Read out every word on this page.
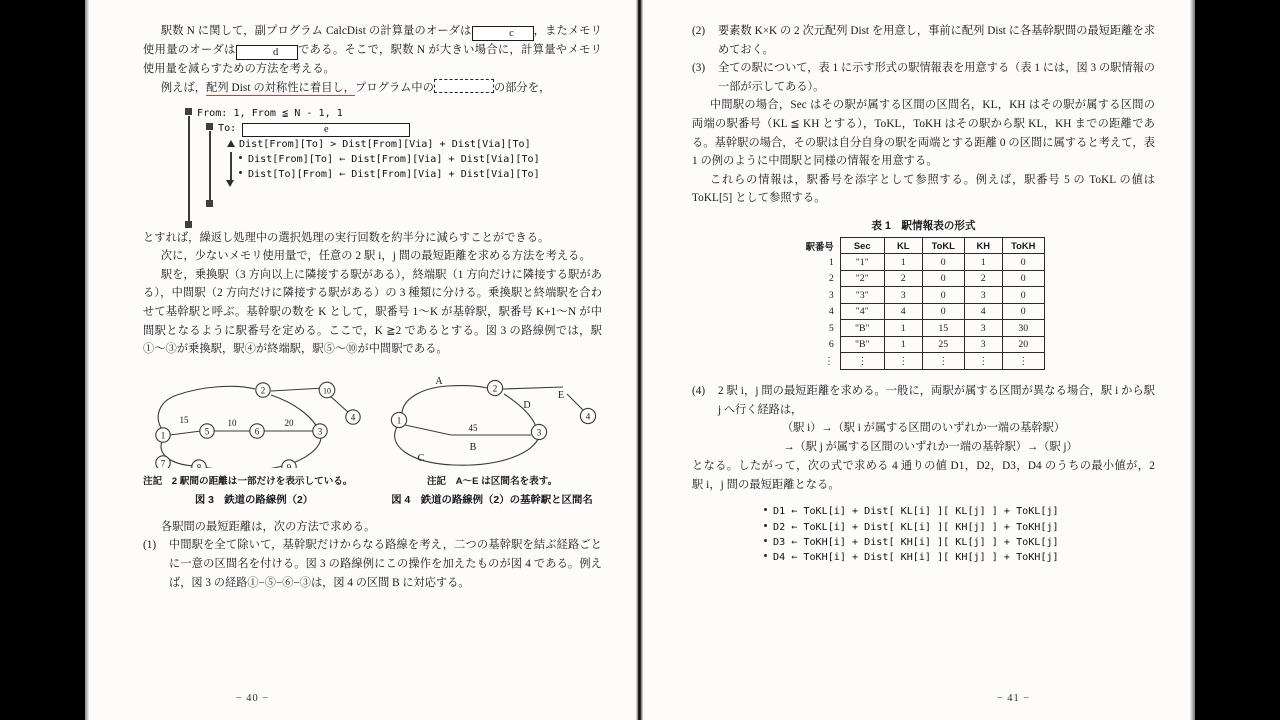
駅数 N に関して，副プログラム CalcDist の計算量のオーダは	c ，またメモリ使用量のオーダは	d である。そこで，駅数 N が大きい場合に，計算量やメモリ使用量を減らすための方法を考える。

例えば，配列 Dist の対称性に着目し，プログラム中の	の部分を，

From: 1, From ≦ N - 1, 1
To:	e
Dist[From][To] > Dist[From][Via] + Dist[Via][To]
Dist[From][To] ← Dist[From][Via] + Dist[Via][To]
Dist[To][From] ← Dist[From][Via] + Dist[Via][To]

とすれば，繰返し処理中の選択処理の実行回数を約半分に減らすことができる。

次に，少ないメモリ使用量で，任意の 2 駅 i，j 間の最短距離を求める方法を考える。

駅を，乗換駅（3 方向以上に隣接する駅がある），終端駅（1 方向だけに隣接する駅がある），中間駅（2 方向だけに隣接する駅がある）の 3 種類に分ける。乗換駅と終端駅を合わせて基幹駅と呼ぶ。基幹駅の数を K として，駅番号 1〜K が基幹駅，駅番号 K+1〜N が中間駅となるように駅番号を定める。ここで，K ≧2 であるとする。図 3 の路線例では，駅①〜③が乗換駅，駅④が終端駅，駅⑤〜⑩が中間駅である。

1
2
3
4
5	6
7	8	9
10
15	10	20
注記　2 駅間の距離は一部だけを表示している。
図 3　鉄道の路線例（2）
1
2
3
4
A
B
C
D
E
45
注記　A〜E は区間名を表す。
図 4　鉄道の路線例（2）の基幹駅と区間名

各駅間の最短距離は，次の方法で求める。

(1)	中間駅を全て除いて，基幹駅だけからなる路線を考え，二つの基幹駅を結ぶ経路ごとに一意の区間名を付ける。図 3 の路線例にこの操作を加えたものが図 4 である。例えば，図 3 の経路①−⑤−⑥−③は，図 4 の区間 B に対応する。
− 40 −
(2)	要素数 K×K の 2 次元配列 Dist を用意し，事前に配列 Dist に各基幹駅間の最短距離を求めておく。
(3)	全ての駅について，表 1 に示す形式の駅情報表を用意する（表 1 には，図 3 の駅情報の一部が示してある）。

中間駅の場合，Sec はその駅が属する区間の区間名，KL，KH はその駅が属する区間の両端の駅番号（KL ≦ KH とする），ToKL，ToKH はその駅から駅 KL，KH までの距離である。基幹駅の場合，その駅は自分自身の駅を両端とする距離 0 の区間に属すると考えて，表 1 の例のように中間駅と同様の情報を用意する。

これらの情報は，駅番号を添字として参照する。例えば，駅番号 5 の ToKL の値は ToKL[5] として参照する。

表 1　駅情報表の形式
駅番号	Sec	KL	ToKL	KH	ToKH
1	"1"	1	0	1	0
2	"2"	2	0	2	0
3	"3"	3	0	3	0
4	"4"	4	0	4	0
5	"B"	1	15	3	30
6	"B"	1	25	3	20
⋮	⋮	⋮	⋮	⋮	⋮
(4)	2 駅 i，j 間の最短距離を求める。一般に，両駅が属する区間が異なる場合，駅 i から駅 j へ行く経路は，
（駅 i）→（駅 i が属する区間のいずれか一端の基幹駅）
→（駅 j が属する区間のいずれか一端の基幹駅）→（駅 j）

となる。したがって，次の式で求める 4 通りの値 D1，D2，D3，D4 のうちの最小値が，2 駅 i，j 間の最短距離となる。

D1 ← ToKL[i] + Dist[ KL[i] ][ KL[j] ] + ToKL[j]
D2 ← ToKL[i] + Dist[ KL[i] ][ KH[j] ] + ToKH[j]
D3 ← ToKH[i] + Dist[ KH[i] ][ KL[j] ] + ToKL[j]
D4 ← ToKH[i] + Dist[ KH[i] ][ KH[j] ] + ToKH[j]
− 41 −
